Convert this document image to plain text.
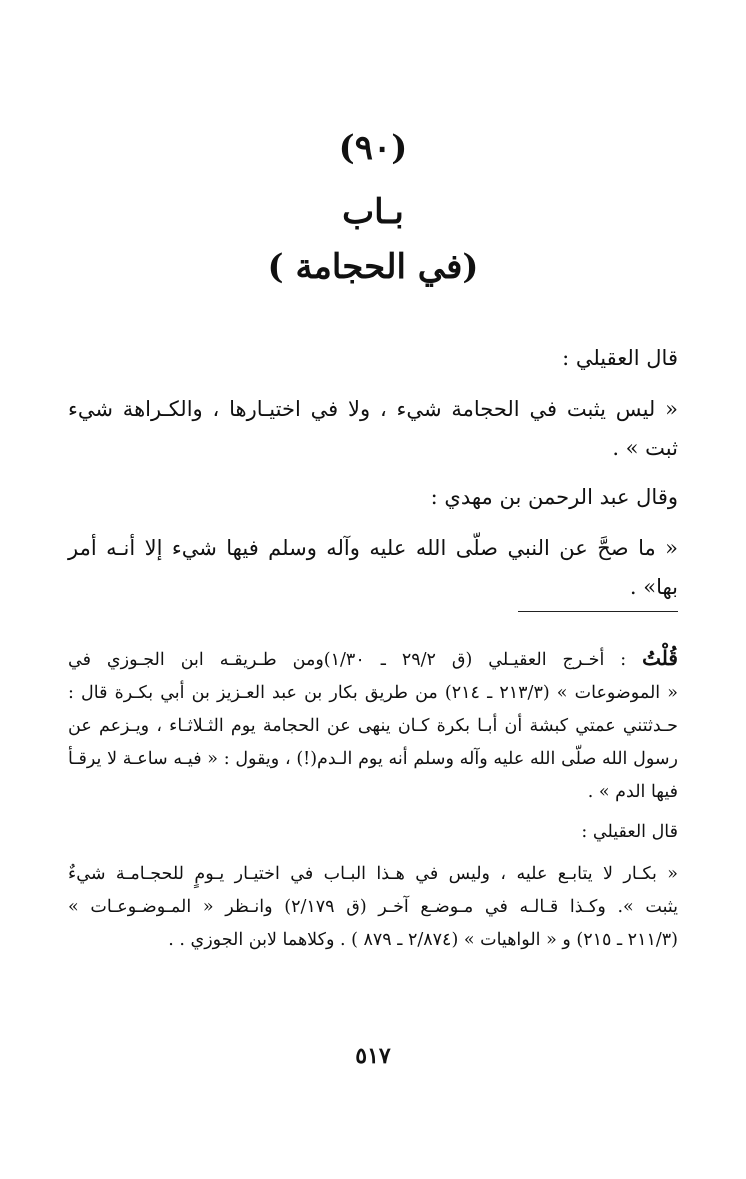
(٩٠)
بـاب
(في الحجامة )
قال العقيلي :
« ليس يثبت في الحجامة شيء ، ولا في اختيـارها ، والكـراهة شيء
ثبت » .
وقال عبد الرحمن بن مهدي :
« ما صحَّ عن النبي صلّى الله عليه وآله وسلم فيها شيء إلا أنـه أمر
بها» .
قُلْتُ : أخـرج العقيـلي (ق ٢٩/٢ ـ ١/٣٠)ومن طـريقـه ابن الجـوزي في
« الموضوعات » (٢١٣/٣ ـ ٢١٤) من طريق بكار بن عبد العـزيز بن أبي بكـرة قال :
حـدثتني عمتي كبشة أن أبـا بكرة كـان ينهى عن الحجامة يوم الثـلاثـاء ، ويـزعم عن
رسول الله صلّى الله عليه وآله وسلم أنه يوم الـدم(!) ، ويقول : « فيـه ساعـة لا يرقـأ
فيها الدم » .
قال العقيلي :
« بكـار لا يتابـع عليه ، وليس في هـذا البـاب في اختيـار يـومٍ للحجـامـة شيءٌ
يثبت ». وكـذا قـالـه في مـوضـع آخـر (ق ٢/١٧٩) وانـظر « المـوضـوعـات »
(٢١١/٣ ـ ٢١٥) و « الواهيات » (٢/٨٧٤ ـ ٨٧٩ ) . وكلاهما لابن الجوزي . .
٥١٧
